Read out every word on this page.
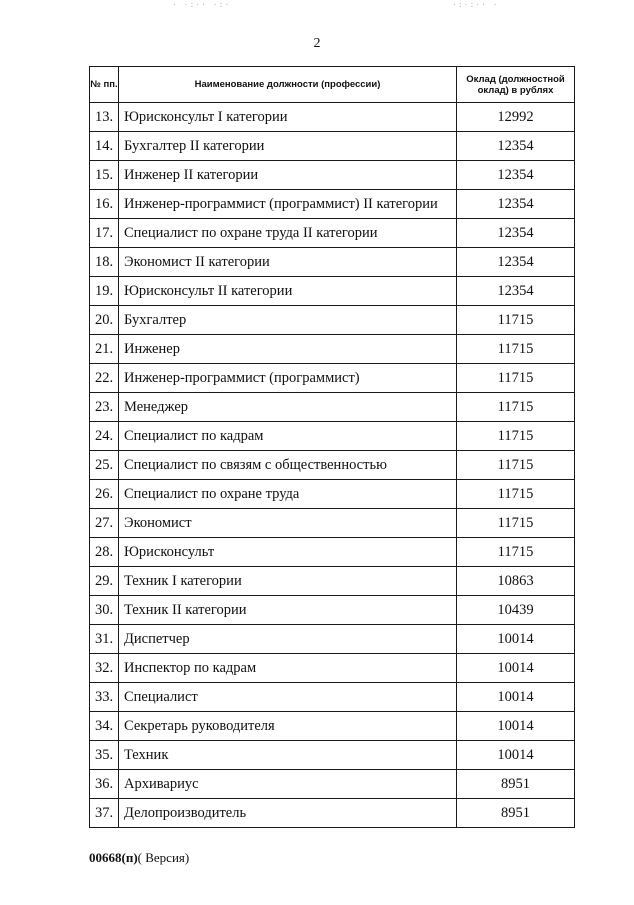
· ·:·· ·:·	·:·:·· ·
2
№ пп.	Наименование должности (профессии)	Оклад (должностной оклад) в рублях
13.	Юрисконсульт I категории	12992
14.	Бухгалтер II категории	12354
15.	Инженер II категории	12354
16.	Инженер-программист (программист) II категории	12354
17.	Специалист по охране труда II категории	12354
18.	Экономист II категории	12354
19.	Юрисконсульт II категории	12354
20.	Бухгалтер	11715
21.	Инженер	11715
22.	Инженер-программист (программист)	11715
23.	Менеджер	11715
24.	Специалист по кадрам	11715
25.	Специалист по связям с общественностью	11715
26.	Специалист по охране труда	11715
27.	Экономист	11715
28.	Юрисконсульт	11715
29.	Техник I категории	10863
30.	Техник II категории	10439
31.	Диспетчер	10014
32.	Инспектор по кадрам	10014
33.	Специалист	10014
34.	Секретарь руководителя	10014
35.	Техник	10014
36.	Архивариус	8951
37.	Делопроизводитель	8951
00668(п)( Версия)
